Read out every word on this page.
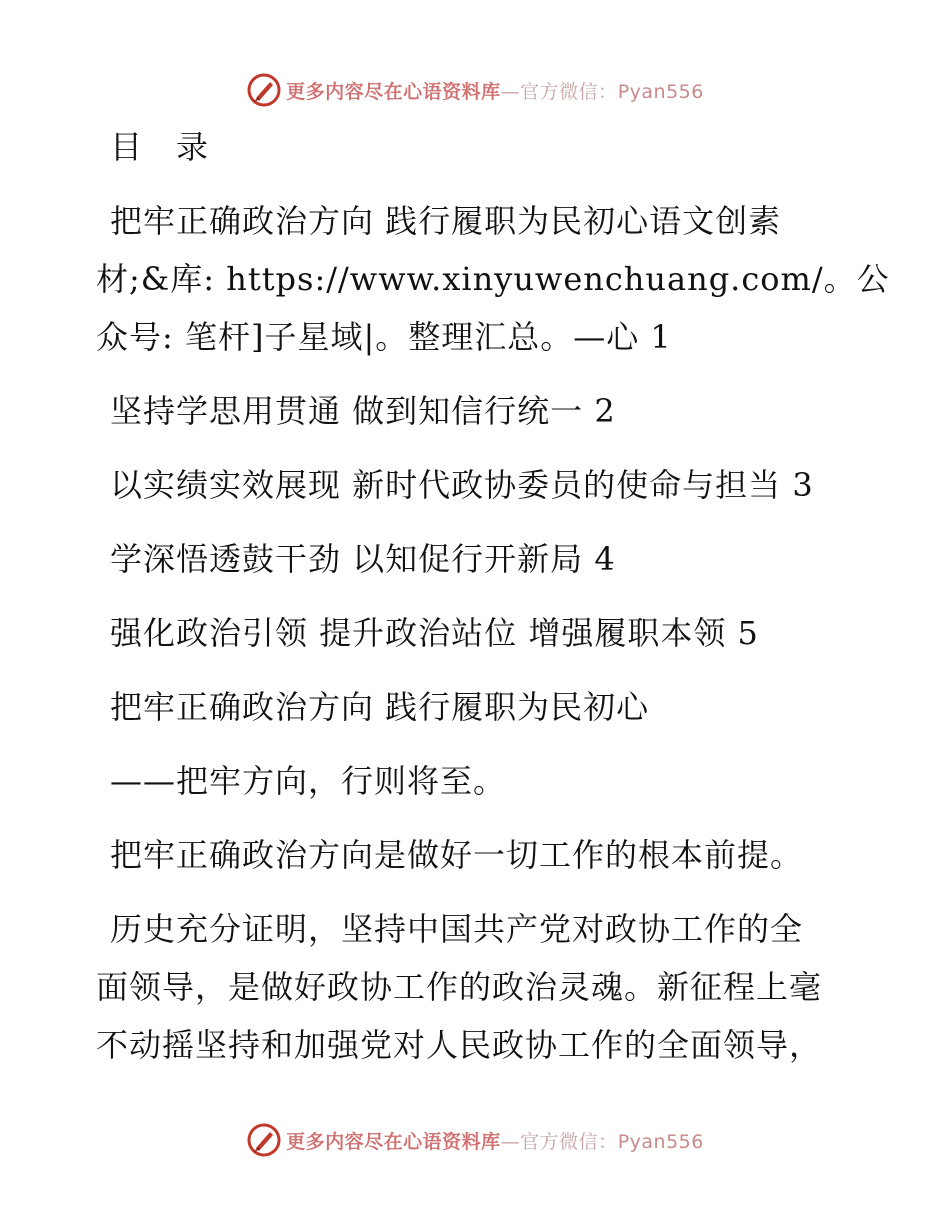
更多内容尽在心语资料库—官方微信：Pyan556
目　录
把牢正确政治方向 践行履职为民初心语文创素
材;&库: https://www.xinyuwenchuang.com/。公
众号: 笔杆]子星域|。整理汇总。—心 1
坚持学思用贯通 做到知信行统一 2
以实绩实效展现 新时代政协委员的使命与担当 3
学深悟透鼓干劲 以知促行开新局 4
强化政治引领 提升政治站位 增强履职本领 5
把牢正确政治方向 践行履职为民初心
——把牢方向，行则将至。
把牢正确政治方向是做好一切工作的根本前提。
历史充分证明，坚持中国共产党对政协工作的全
面领导，是做好政协工作的政治灵魂。新征程上毫
不动摇坚持和加强党对人民政协工作的全面领导，
更多内容尽在心语资料库—官方微信：Pyan556
